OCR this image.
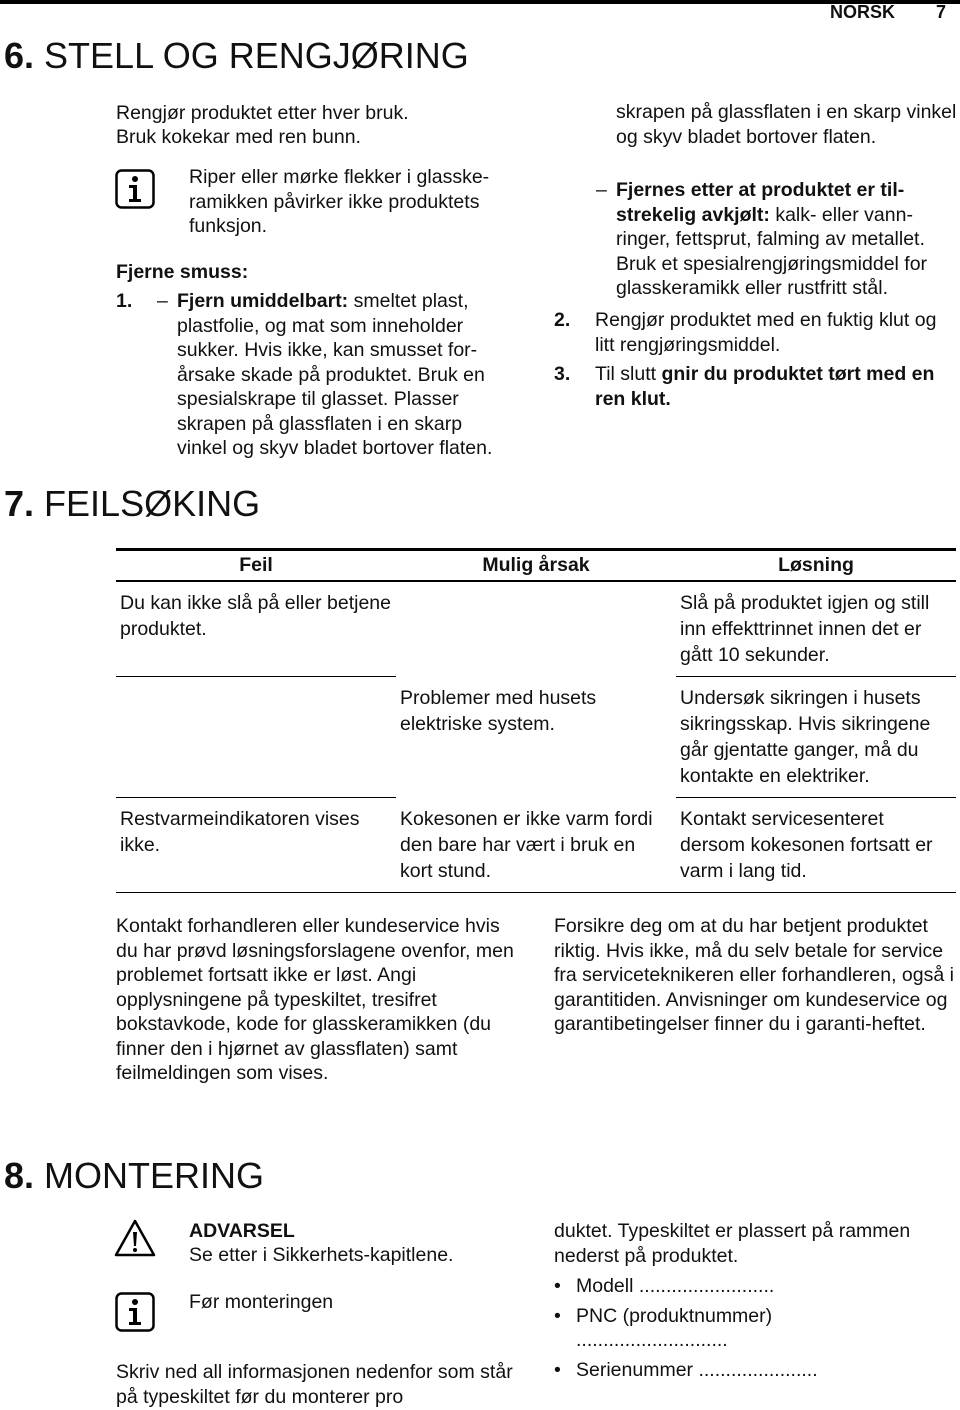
NORSK 7
6. STELL OG RENGJØRING

Rengjør produktet etter hver bruk.

Bruk kokekar med ren bunn.

Riper eller mørke flekker i glasskeramikken påvirker ikke produktets funksjon.

Fjerne smuss:

1.	– Fjern umiddelbart: smeltet plast, plastfolie, og mat som inneholder sukker. Hvis ikke, kan smusset forårsake skade på produktet. Bruk en spesialskrape til glasset. Plasser skrapen på glassflaten i en skarp vinkel og skyv bladet bortover flaten.
skrapen på glassflaten i en skarp vinkel og skyv bladet bortover flaten.
– Fjernes etter at produktet er tilstrekelig avkjølt: kalk- eller vannringer, fettsprut, falming av metallet. Bruk et spesialrengjøringsmiddel for glasskeramikk eller rustfritt stål.
2.	Rengjør produktet med en fuktig klut og litt rengjøringsmiddel.
3.	Til slutt gnir du produktet tørt med en ren klut.
7. FEILSØKING
Feil	Mulig årsak	Løsning
Du kan ikke slå på eller betjene produktet.		Slå på produktet igjen og still inn effekttrinnet innen det er gått 10 sekunder.
	Problemer med husets elektriske system.	Undersøk sikringen i husets sikringsskap. Hvis sikringene går gjentatte ganger, må du kontakte en elektriker.
Restvarmeindikatoren vises ikke.	Kokesonen er ikke varm fordi den bare har vært i bruk en kort stund.	Kontakt servicesenteret dersom kokesonen fortsatt er varm i lang tid.

Kontakt forhandleren eller kundeservice hvis du har prøvd løsningsforslagene ovenfor, men problemet fortsatt ikke er løst. Angi opplysningene på typeskiltet, tresifret bokstavkode, kode for glasskeramikken (du finner den i hjørnet av glassflaten) samt feilmeldingen som vises.

Forsikre deg om at du har betjent produktet riktig. Hvis ikke, må du selv betale for service fra serviceteknikeren eller forhandleren, også i garantitiden. Anvisninger om kundeservice og garantibetingelser finner du i garanti-heftet.

8. MONTERING

ADVARSEL

Se etter i Sikkerhets-kapitlene.

Før monteringen

Skriv ned all informasjonen nedenfor som står på typeskiltet før du monterer pro

duktet. Typeskiltet er plassert på rammen nederst på produktet.

• Modell .........................
• PNC (produktnummer) ............................
• Serienummer ......................
